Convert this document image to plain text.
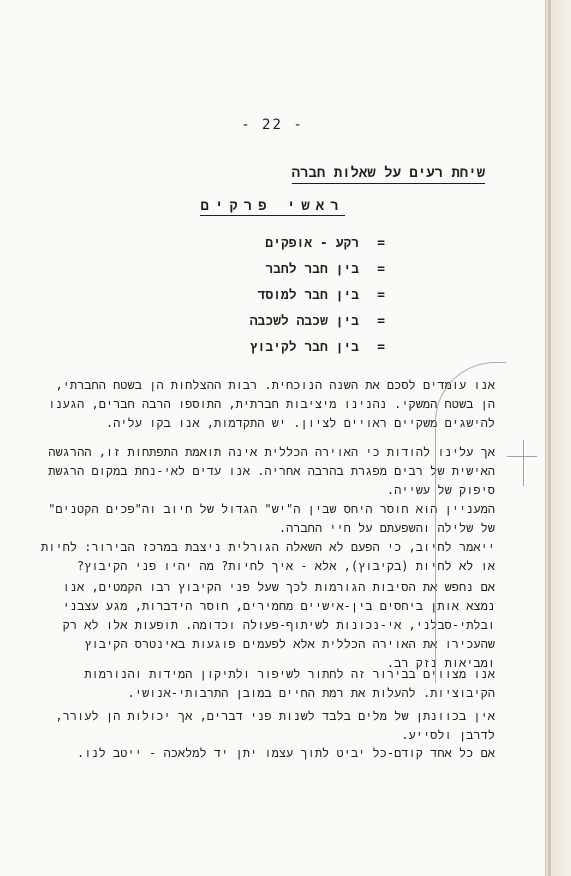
- 22 -
שיחת רעים על שאלות חברה
ראשי פרקים
=רקע - אופקים
=בין חבר לחבר
=בין חבר למוסד
=בין שכבה לשכבה
=בין חבר לקיבוץ

אנו עומדים לסכם את השנה הנוכחית. רבות ההצלחות הן בשטח החברתי, הן בשטח המשקי. נהנינו מיציבות חברתית, התוספו הרבה חברים, הגענו להישגים משקיים ראויים לציון. יש התקדמות, אנו בקו עליה.

אך עלינו להודות כי האוירה הכללית אינה תואמת התפתחות זו, ההרגשה האישית של רבים מפגרת בהרבה אחריה. אנו עדים לאי-נחת במקום הרגשת סיפוק של עשייה.

המעניין הוא חוסר היחס שבין ה"יש" הגדול של חיוב וה"פכים הקטנים" של שלילה והשפעתם על חיי החברה.

ייאמר לחיוב, כי הפעם לא השאלה הגורלית ניצבת במרכז הבירור: לחיות או לא לחיות (בקיבוץ), אלא - איך לחיות? מה יהיו פני הקיבוץ?

אם נחפש את הסיבות הגורמות לכך שעל פני הקיבוץ רבו הקמטים, אנו נמצא אותן ביחסים בין-אישיים מחמירים, חוסר הידברות, מגע עצבני ובלתי-סבלני, אי-נכונות לשיתוף-פעולה וכדומה. תופעות אלו לא רק שהעכירו את האוירה הכללית אלא לפעמים פוגעות באינטרס הקיבוץ ומביאות נזק רב.

אנו מצווים בבירור זה לחתור לשיפור ולתיקון המידות והנורמות הקיבוציות. להעלות את רמת החיים במובן התרבותי-אנושי.

אין בכוונתן של מלים בלבד לשנות פני דברים, אך יכולות הן לעורר, לדרבן ולסייע.

אם כל אחד קודם-כל יביט לתוך עצמו יתן יד למלאכה - ייטב לנו.
